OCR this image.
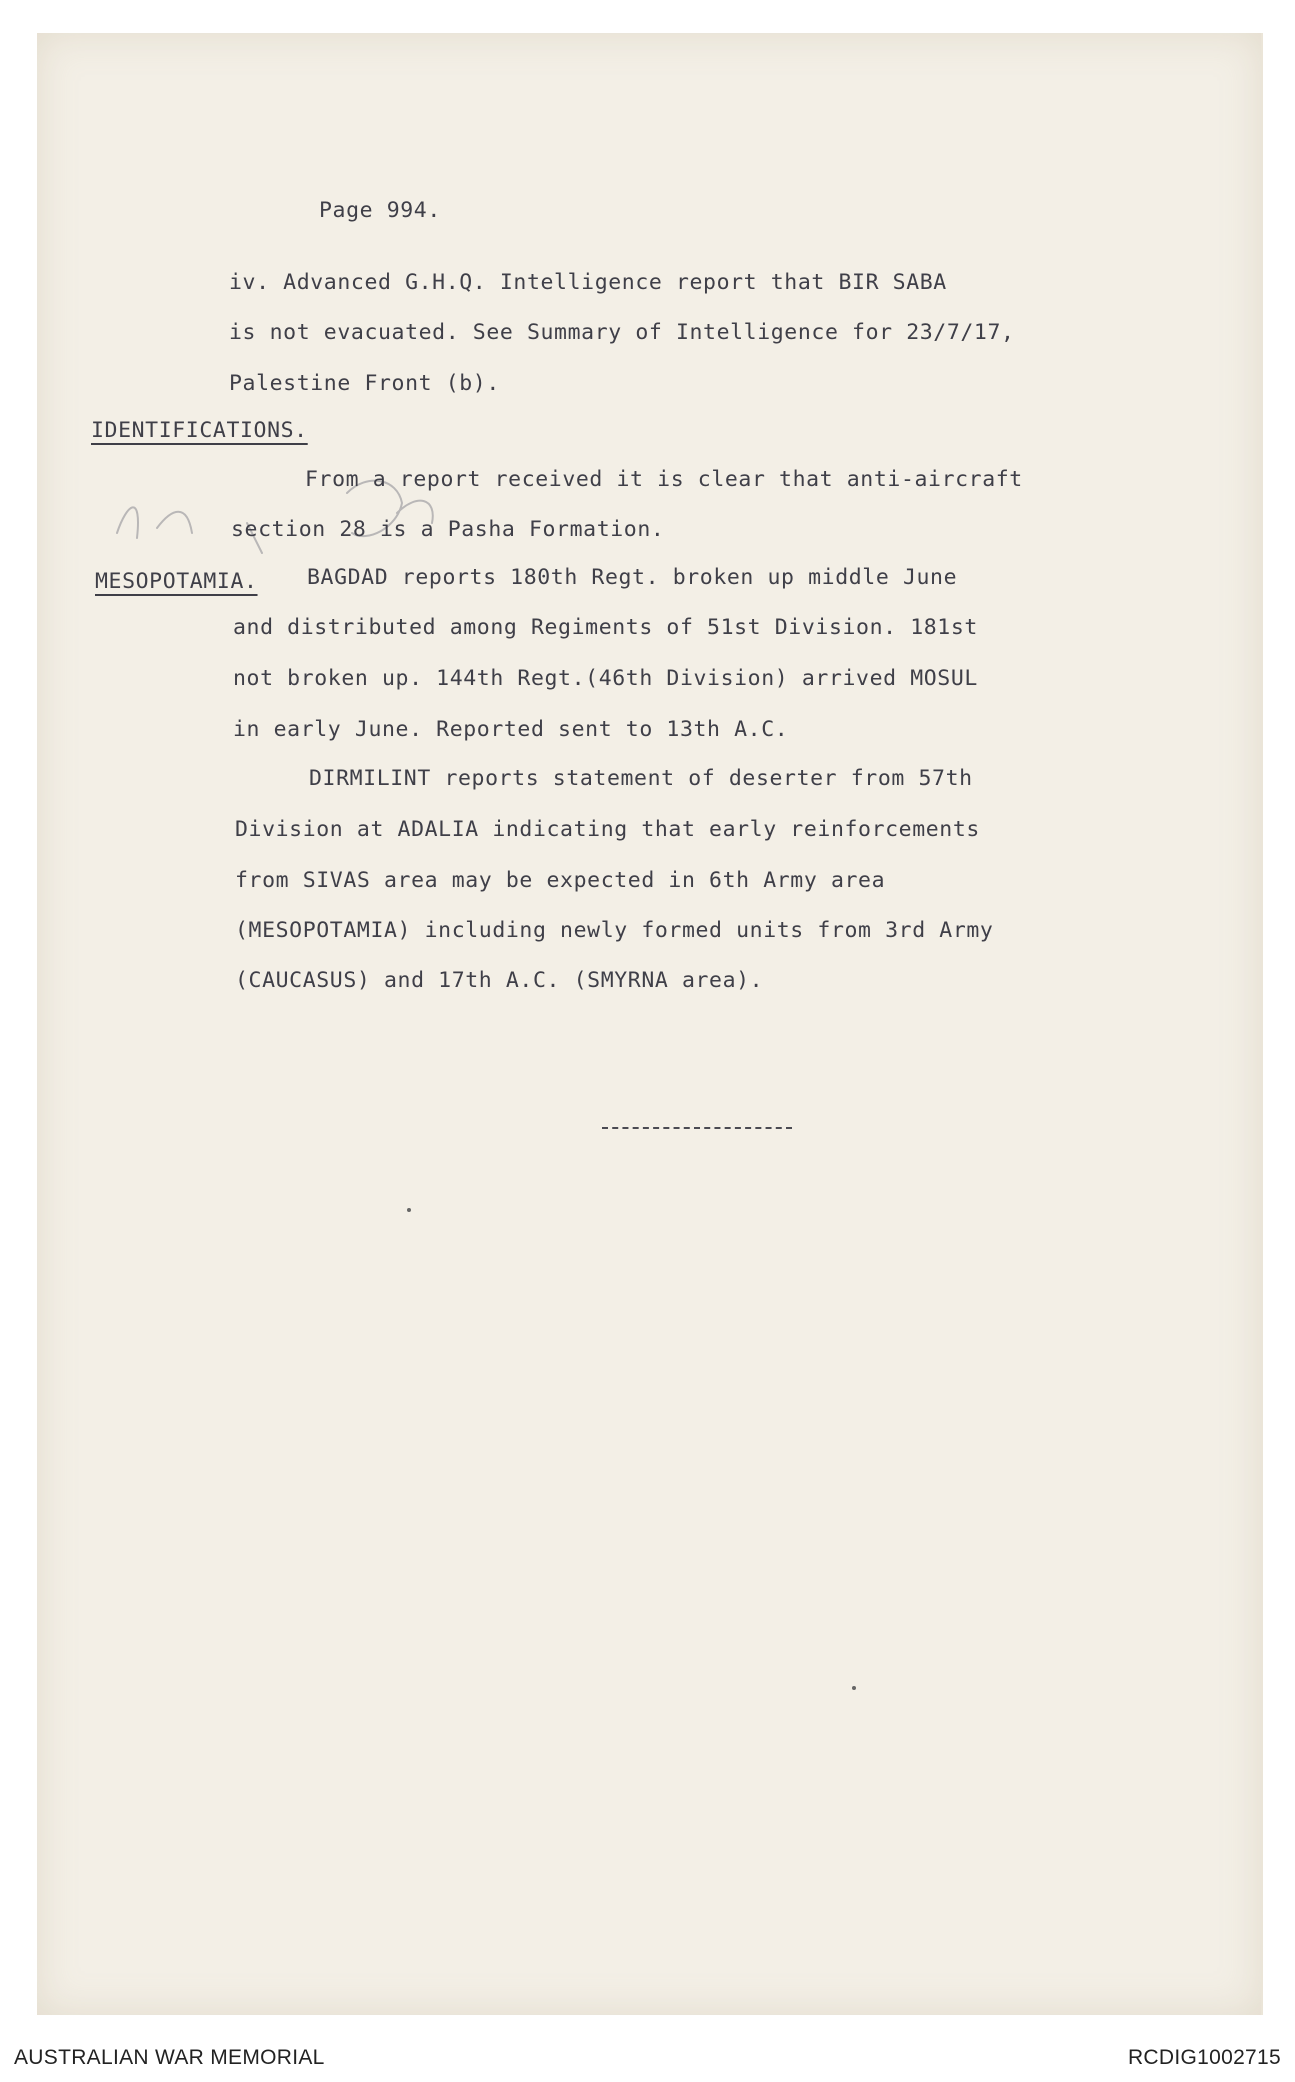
Page 994.
iv. Advanced G.H.Q. Intelligence report that BIR SABA
is not evacuated. See Summary of Intelligence for 23/7/17,
Palestine Front (b).
IDENTIFICATIONS.
From a report received it is clear that anti-aircraft
section 28 is a Pasha Formation.
MESOPOTAMIA. BAGDAD reports 180th Regt. broken up middle June
and distributed among Regiments of 51st Division. 181st
not broken up. 144th Regt.(46th Division) arrived MOSUL
in early June. Reported sent to 13th A.C.
DIRMILINT reports statement of deserter from 57th
Division at ADALIA indicating that early reinforcements
from SIVAS area may be expected in 6th Army area
(MESOPOTAMIA) including newly formed units from 3rd Army
(CAUCASUS) and 17th A.C. (SMYRNA area).
AUSTRALIAN WAR MEMORIAL	RCDIG1002715
